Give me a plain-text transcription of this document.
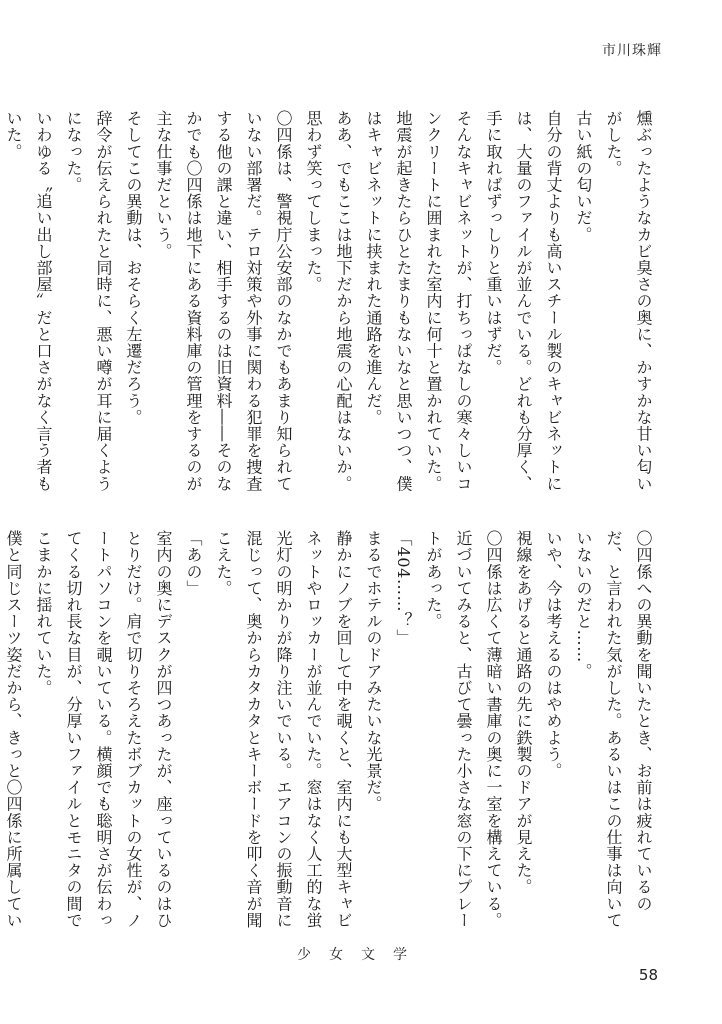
市川珠輝

燻ぶったようなカビ臭さの奥に、かすかな甘い匂いがした。

古い紙の匂いだ。

自分の背丈よりも高いスチール製のキャビネットには、大量のファイルが並んでいる。どれも分厚く、手に取ればずっしりと重いはずだ。

そんなキャビネットが、打ちっぱなしの寒々しいコンクリートに囲まれた室内に何十と置かれていた。

地震が起きたらひとたまりもないなと思いつつ、僕はキャビネットに挟まれた通路を進んだ。

ああ、でもここは地下だから地震の心配はないか。

思わず笑ってしまった。

〇四係は、警視庁公安部のなかでもあまり知られていない部署だ。テロ対策や外事に関わる犯罪を捜査する他の課と違い、相手するのは旧資料――そのなかでも〇四係は地下にある資料庫の管理をするのが主な仕事だという。

そしてこの異動は、おそらく左遷だろう。

辞令が伝えられたと同時に、悪い噂が耳に届くようになった。

いわゆる〝追い出し部屋〟だと口さがなく言う者もいた。

〇四係への異動を聞いたとき、お前は疲れているのだ、と言われた気がした。あるいはこの仕事は向いていないのだと……。

いや、今は考えるのはやめよう。

視線をあげると通路の先に鉄製のドアが見えた。

〇四係は広くて薄暗い書庫の奥に一室を構えている。近づいてみると、古びて曇った小さな窓の下にプレートがあった。

「404……？」

まるでホテルのドアみたいな光景だ。

静かにノブを回して中を覗くと、室内にも大型キャビネットやロッカーが並んでいた。窓はなく人工的な蛍光灯の明かりが降り注いでいる。エアコンの振動音に混じって、奥からカタカタとキーボードを叩く音が聞こえた。

「あの」

室内の奥にデスクが四つあったが、座っているのはひとりだけ。肩で切りそろえたボブカットの女性が、ノートパソコンを覗いている。横顔でも聡明さが伝わってくる切れ長な目が、分厚いファイルとモニタの間でこまかに揺れていた。

僕と同じスーツ姿だから、きっと〇四係に所属してい

少女文学
58
